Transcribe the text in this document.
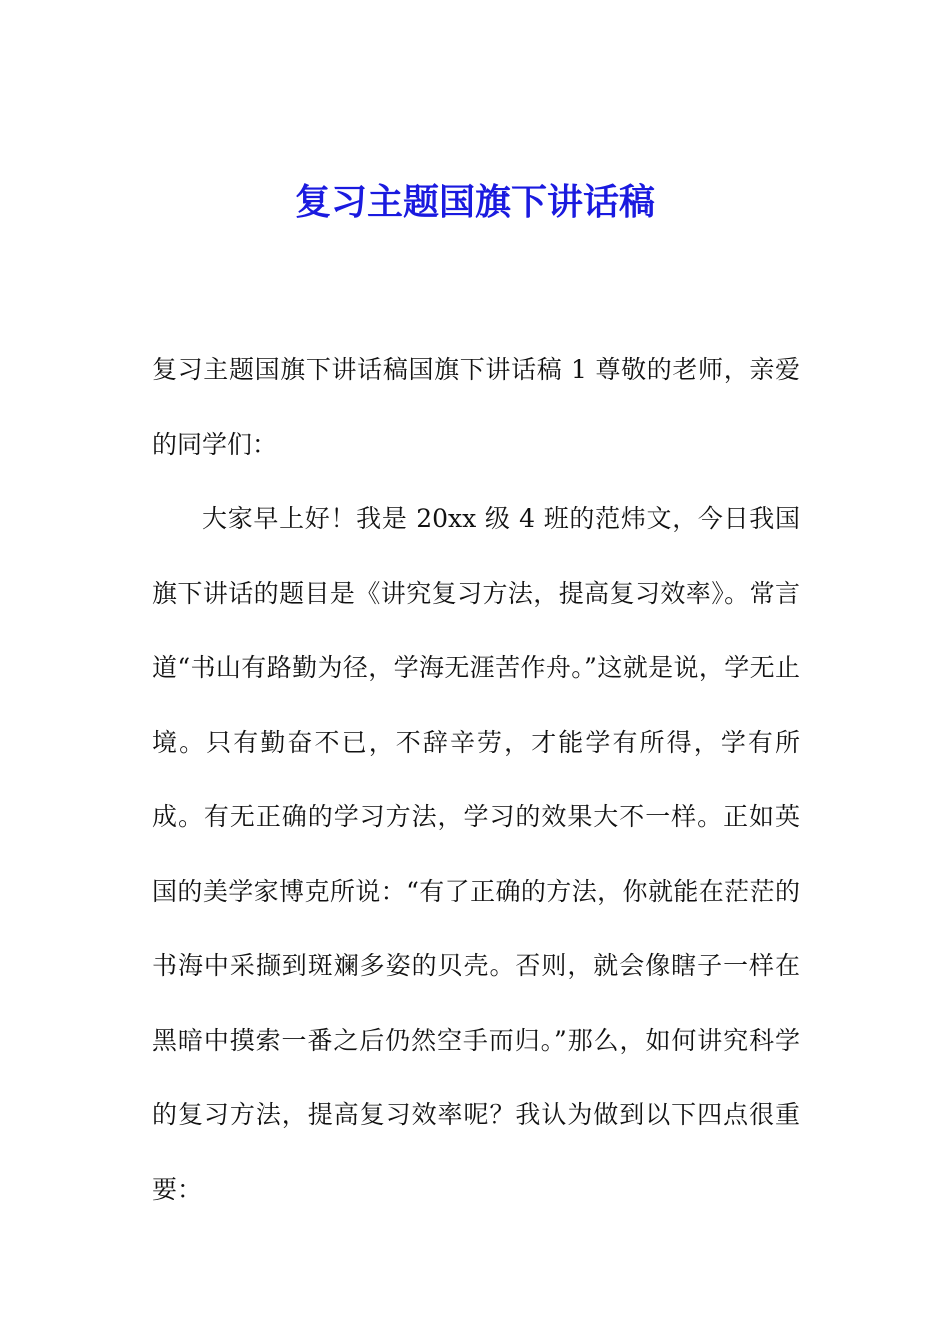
复习主题国旗下讲话稿

复习主题国旗下讲话稿国旗下讲话稿 1 尊敬的老师，亲爱的同学们：

大家早上好！我是 20xx 级 4 班的范炜文，今日我国旗下讲话的题目是《讲究复习方法，提高复习效率》。常言道“书山有路勤为径，学海无涯苦作舟。”这就是说，学无止境。只有勤奋不已，不辞辛劳，才能学有所得，学有所成。有无正确的学习方法，学习的效果大不一样。正如英国的美学家博克所说：“有了正确的方法，你就能在茫茫的书海中采撷到斑斓多姿的贝壳。否则，就会像瞎子一样在黑暗中摸索一番之后仍然空手而归。”那么，如何讲究科学的复习方法，提高复习效率呢？我认为做到以下四点很重要：
